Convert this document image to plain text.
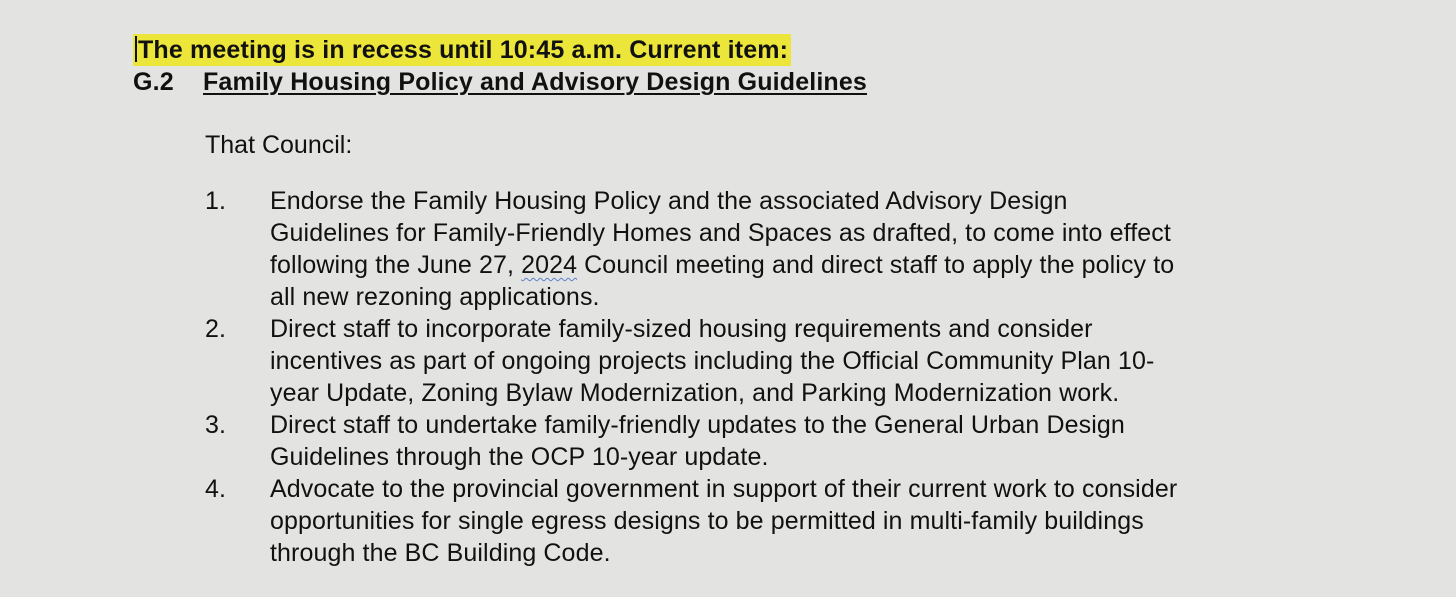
The meeting is in recess until 10:45 a.m. Current item:
G.2 Family Housing Policy and Advisory Design Guidelines
That Council:
1.	Endorse the Family Housing Policy and the associated Advisory Design
Guidelines for Family-Friendly Homes and Spaces as drafted, to come into effect
following the June 27, 2024 Council meeting and direct staff to apply the policy to
all new rezoning applications.
2.	Direct staff to incorporate family-sized housing requirements and consider
incentives as part of ongoing projects including the Official Community Plan 10-
year Update, Zoning Bylaw Modernization, and Parking Modernization work.
3.	Direct staff to undertake family-friendly updates to the General Urban Design
Guidelines through the OCP 10-year update.
4.	Advocate to the provincial government in support of their current work to consider
opportunities for single egress designs to be permitted in multi-family buildings
through the BC Building Code.
